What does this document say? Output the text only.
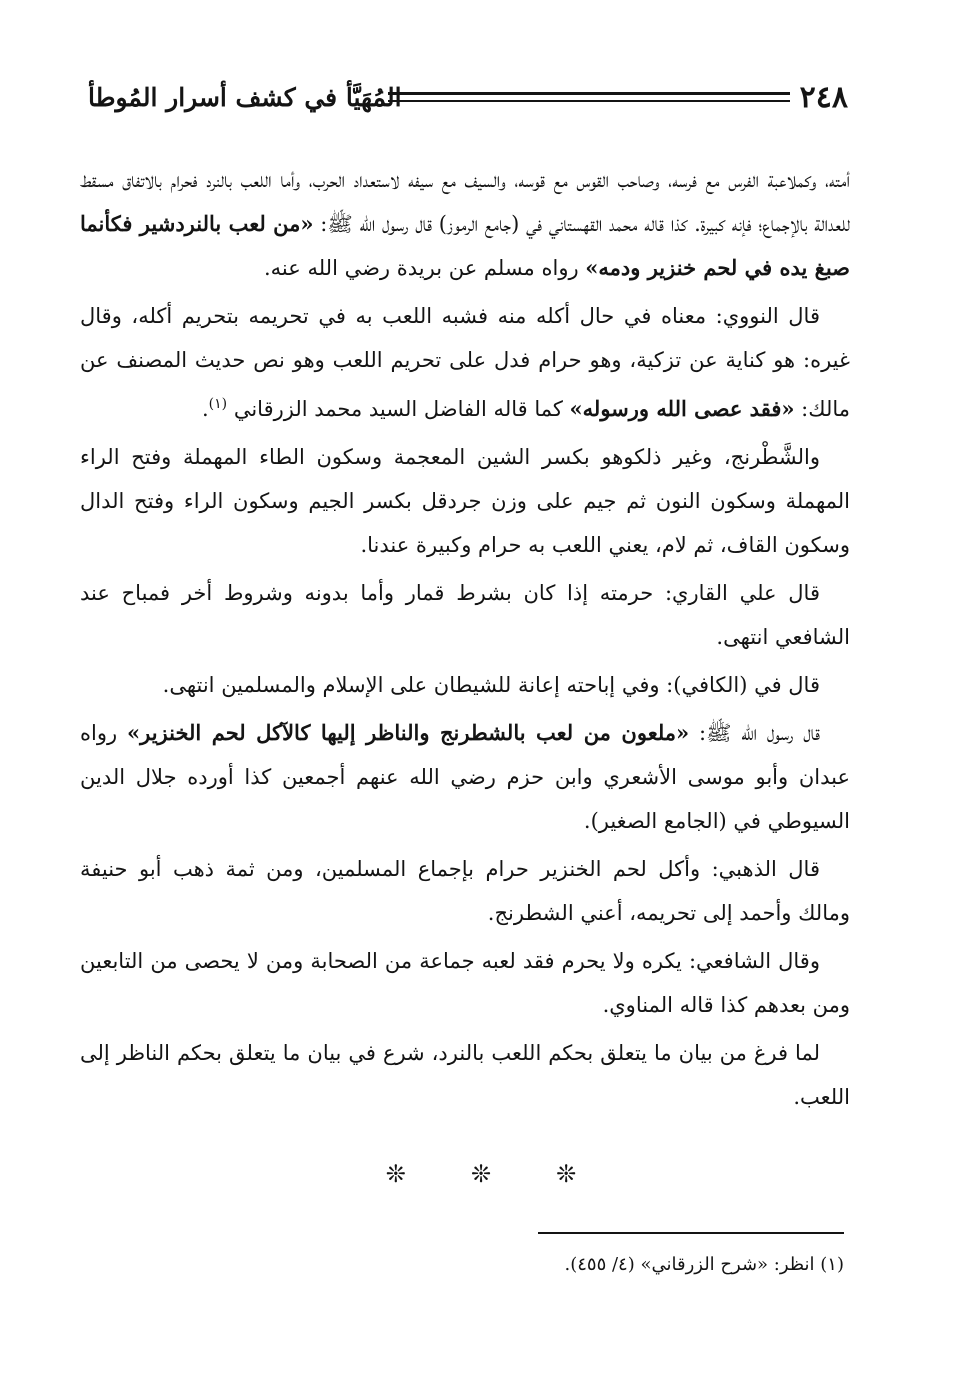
٢٤٨
المُهَيَّأ في كشف أسرار المُوطأ

أمته، وكملاعبة الفرس مع فرسه، وصاحب القوس مع قوسه، والسيف مع سيفه لاستعداد الحرب، وأما اللعب بالنرد فحرام بالاتفاق مسقط للعدالة بالإجماع؛ فإنه كبيرة. كذا قاله محمد القهستاني في (جامع الرموز) قال رسول الله ﷺ: «من لعب بالنردشير فكأنما صبغ يده في لحم خنزير ودمه» رواه مسلم عن بريدة رضي الله عنه.

قال النووي: معناه في حال أكله منه فشبه اللعب به في تحريمه بتحريم أكله، وقال غيره: هو كناية عن تزكية، وهو حرام فدل على تحريم اللعب وهو نص حديث المصنف عن مالك: «فقد عصى الله ورسوله» كما قاله الفاضل السيد محمد الزرقاني $^{(١)}$.

والشَّطْرنج، وغير ذلكوهو بكسر الشين المعجمة وسكون الطاء المهملة وفتح الراء المهملة وسكون النون ثم جيم على وزن جردقل بكسر الجيم وسكون الراء وفتح الدال وسكون القاف، ثم لام، يعني اللعب به حرام وكبيرة عندنا.

قال علي القاري: حرمته إذا كان بشرط قمار وأما بدونه وشروط أخر فمباح عند الشافعي انتهى.

قال في (الكافي): وفي إباحته إعانة للشيطان على الإسلام والمسلمين انتهى.

قال رسول الله ﷺ: «ملعون من لعب بالشطرنج والناظر إليها كالآكل لحم الخنزير» رواه عبدان وأبو موسى الأشعري وابن حزم رضي الله عنهم أجمعين كذا أورده جلال الدين السيوطي في (الجامع الصغير).

قال الذهبي: وأكل لحم الخنزير حرام بإجماع المسلمين، ومن ثمة ذهب أبو حنيفة ومالك وأحمد إلى تحريمه، أعني الشطرنج.

وقال الشافعي: يكره ولا يحرم فقد لعبه جماعة من الصحابة ومن لا يحصى من التابعين ومن بعدهم كذا قاله المناوي.

لما فرغ من بيان ما يتعلق بحكم اللعب بالنرد، شرع في بيان ما يتعلق بحكم الناظر إلى اللعب.

❊	❊	❊
(١) انظر: «شرح الزرقاني» (٤/ ٤٥٥).
